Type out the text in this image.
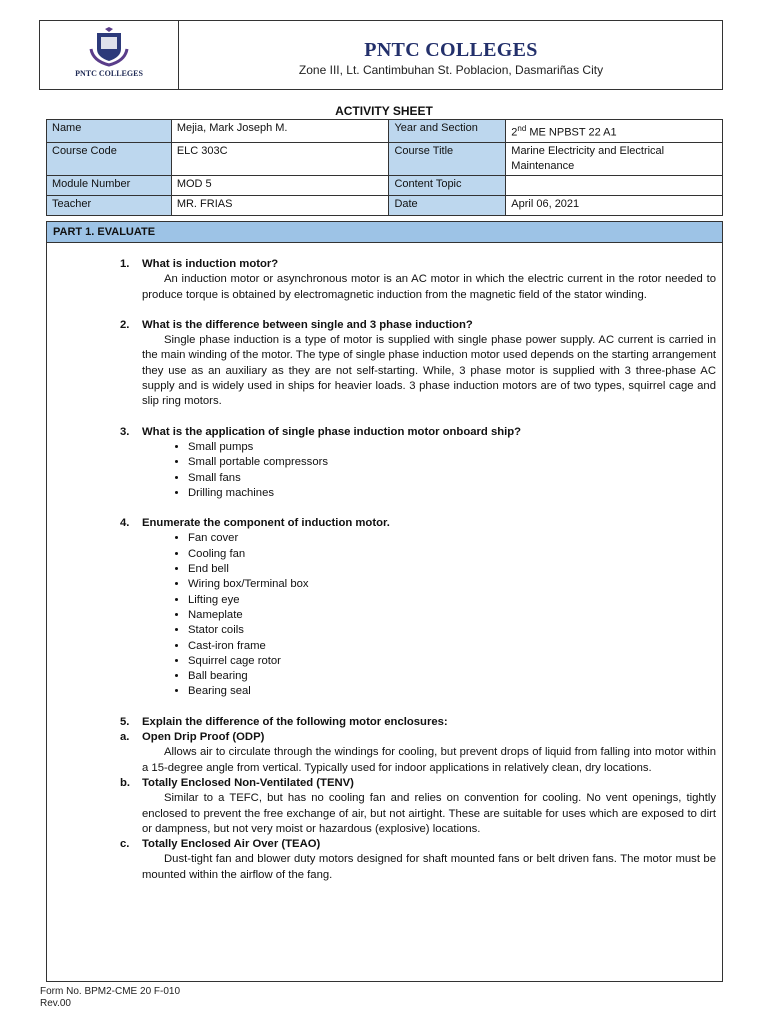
PNTC COLLEGES
PNTC COLLEGES
Zone III, Lt. Cantimbuhan St. Poblacion, Dasmariñas City
ACTIVITY SHEET
Name	Mejia, Mark Joseph M.	Year and Section	2nd ME NPBST 22 A1
Course Code	ELC 303C	Course Title	Marine Electricity and Electrical Maintenance
Module Number	MOD 5	Content Topic	
Teacher	MR. FRIAS	Date	April 06, 2021
PART 1. EVALUATE
1. What is induction motor?
An induction motor or asynchronous motor is an AC motor in which the electric current in the rotor needed to produce torque is obtained by electromagnetic induction from the magnetic field of the stator winding.
2. What is the difference between single and 3 phase induction?
Single phase induction is a type of motor is supplied with single phase power supply. AC current is carried in the main winding of the motor. The type of single phase induction motor used depends on the starting arrangement they use as an auxiliary as they are not self-starting. While, 3 phase motor is supplied with 3 three-phase AC supply and is widely used in ships for heavier loads. 3 phase induction motors are of two types, squirrel cage and slip ring motors.
3. What is the application of single phase induction motor onboard ship?
• Small pumps
• Small portable compressors
• Small fans
• Drilling machines
4. Enumerate the component of induction motor.
• Fan cover
• Cooling fan
• End bell
• Wiring box/Terminal box
• Lifting eye
• Nameplate
• Stator coils
• Cast-iron frame
• Squirrel cage rotor
• Ball bearing
• Bearing seal
5. Explain the difference of the following motor enclosures:
a. Open Drip Proof (ODP)
Allows air to circulate through the windings for cooling, but prevent drops of liquid from falling into motor within a 15-degree angle from vertical. Typically used for indoor applications in relatively clean, dry locations.
b. Totally Enclosed Non-Ventilated (TENV)
Similar to a TEFC, but has no cooling fan and relies on convention for cooling. No vent openings, tightly enclosed to prevent the free exchange of air, but not airtight. These are suitable for uses which are exposed to dirt or dampness, but not very moist or hazardous (explosive) locations.
c. Totally Enclosed Air Over (TEAO)
Dust-tight fan and blower duty motors designed for shaft mounted fans or belt driven fans. The motor must be mounted within the airflow of the fang.
Form No. BPM2-CME 20 F-010
Rev.00
